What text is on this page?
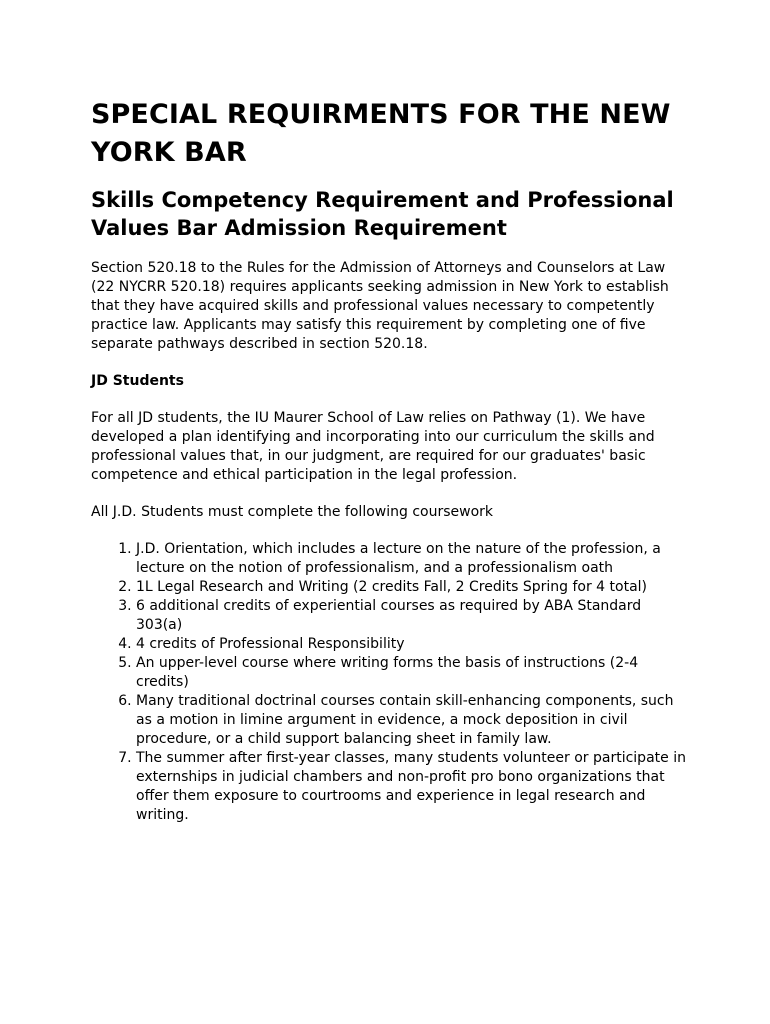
SPECIAL REQUIRMENTS FOR THE NEW YORK BAR
Skills Competency Requirement and Professional Values Bar Admission Requirement

Section 520.18 to the Rules for the Admission of Attorneys and Counselors at Law (22 NYCRR 520.18) requires applicants seeking admission in New York to establish that they have acquired skills and professional values necessary to competently practice law. Applicants may satisfy this requirement by completing one of five separate pathways described in section 520.18.

JD Students

For all JD students, the IU Maurer School of Law relies on Pathway (1). We have developed a plan identifying and incorporating into our curriculum the skills and professional values that, in our judgment, are required for our graduates' basic competence and ethical participation in the legal profession.

All J.D. Students must complete the following coursework

1. J.D. Orientation, which includes a lecture on the nature of the profession, a lecture on the notion of professionalism, and a professionalism oath
2. 1L Legal Research and Writing (2 credits Fall, 2 Credits Spring for 4 total)
3. 6 additional credits of experiential courses as required by ABA Standard 303(a)
4. 4 credits of Professional Responsibility
5. An upper-level course where writing forms the basis of instructions (2-4 credits)
6. Many traditional doctrinal courses contain skill-enhancing components, such as a motion in limine argument in evidence, a mock deposition in civil procedure, or a child support balancing sheet in family law.
7. The summer after first-year classes, many students volunteer or participate in externships in judicial chambers and non-profit pro bono organizations that offer them exposure to courtrooms and experience in legal research and writing.
